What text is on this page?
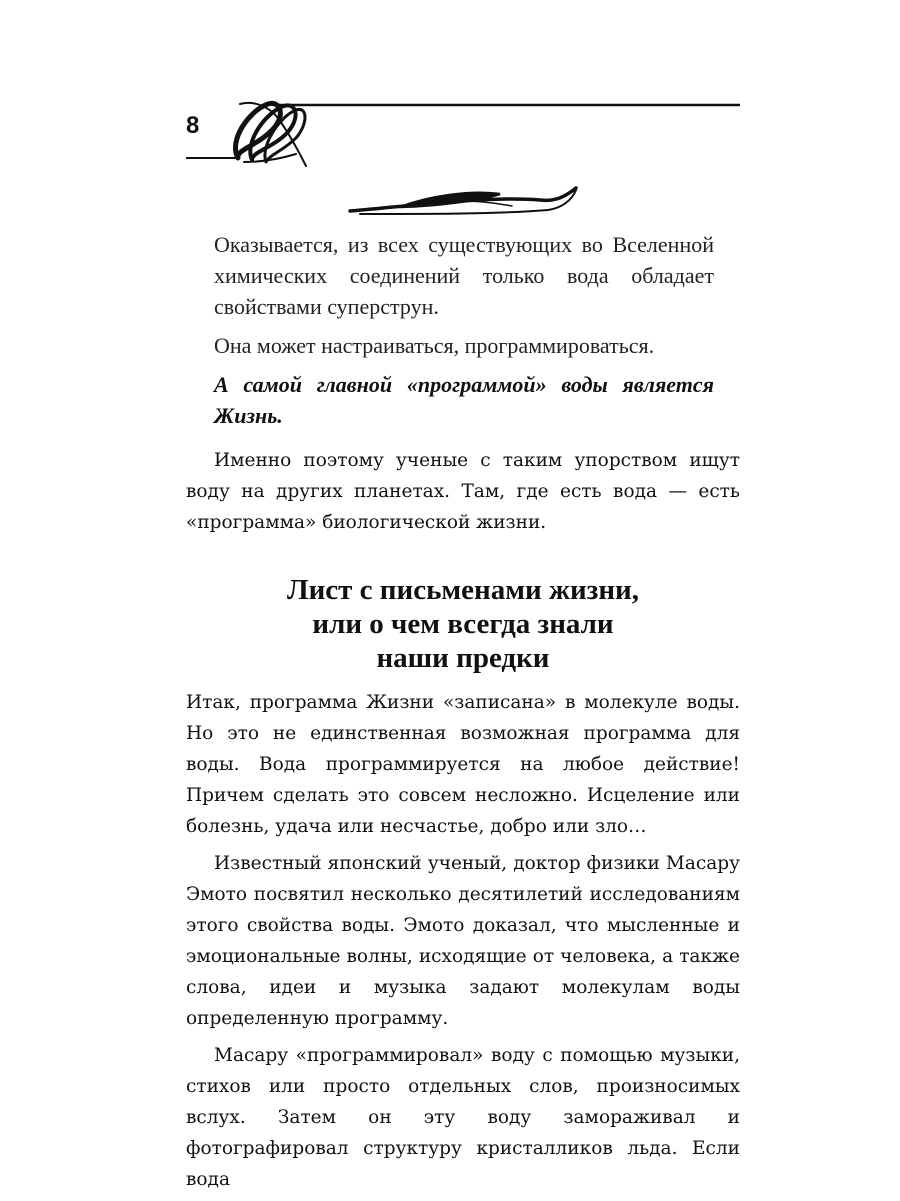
8

Оказывается, из всех существующих во Вселенной химических соединений только вода обладает свойствами суперструн.

Она может настраиваться, программироваться.

А самой главной «программой» воды является Жизнь.

Именно поэтому ученые с таким упорством ищут воду на других планетах. Там, где есть вода — есть «программа» биологической жизни.

Лист с письменами жизни,
или о чем всегда знали
наши предки

Итак, программа Жизни «записана» в молекуле воды. Но это не единственная возможная программа для воды. Вода программируется на любое действие! Причем сделать это совсем несложно. Исцеление или болезнь, удача или несчастье, добро или зло…

Известный японский ученый, доктор физики Масару Эмото посвятил несколько десятилетий исследованиям этого свойства воды. Эмото доказал, что мысленные и эмоциональные волны, исходящие от человека, а также слова, идеи и музыка задают молекулам воды определенную программу.

Масару «программировал» воду с помощью музыки, стихов или просто отдельных слов, произносимых вслух. Затем он эту воду замораживал и фотографировал структуру кристалликов льда. Если вода
